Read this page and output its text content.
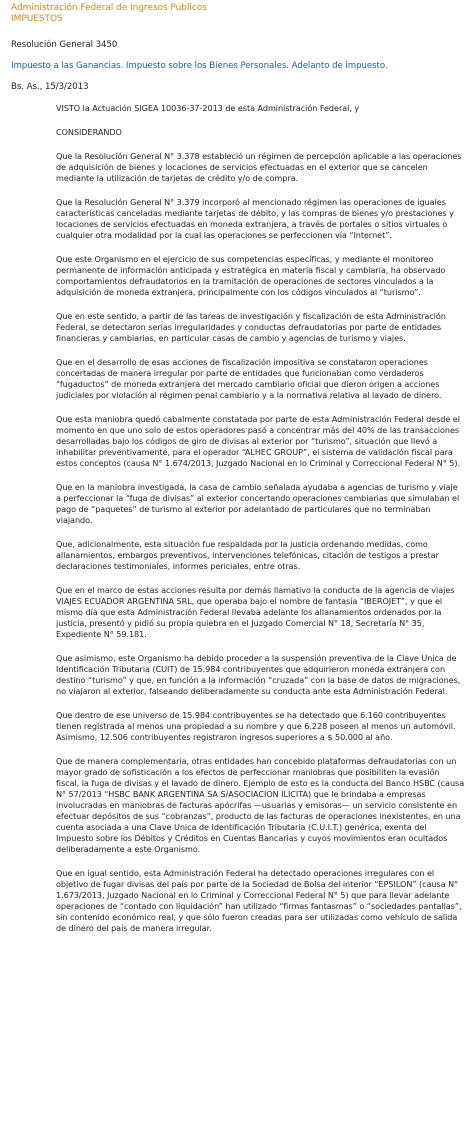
Administración Federal de Ingresos Públicos
IMPUESTOS
Resolución General 3450
Impuesto a las Ganancias. Impuesto sobre los Bienes Personales. Adelanto de impuesto.
Bs. As., 15/3/2013

VISTO la Actuación SIGEA 10036-37-2013 de esta Administración Federal, y

CONSIDERANDO

Que la Resolución General N° 3.378 estableció un régimen de percepción aplicable a las operaciones de adquisición de bienes y locaciones de servicios efectuadas en el exterior que se cancelen mediante la utilización de tarjetas de crédito y/o de compra.

Que la Resolución General N° 3.379 incorporó al mencionado régimen las operaciones de iguales características canceladas mediante tarjetas de débito, y las compras de bienes y/o prestaciones y locaciones de servicios efectuadas en moneda extranjera, a través de portales o sitios virtuales o cualquier otra modalidad por la cual las operaciones se perfeccionen vía “Internet”.

Que este Organismo en el ejercicio de sus competencias específicas, y mediante el monitoreo permanente de información anticipada y estratégica en materia fiscal y cambiaria, ha observado comportamientos defraudatorios en la tramitación de operaciones de sectores vinculados a la adquisición de moneda extranjera, principalmente con los códigos vinculados al “turismo”.

Que en este sentido, a partir de las tareas de investigación y fiscalización de esta Administración Federal, se detectaron serias irregularidades y conductas defraudatorias por parte de entidades financieras y cambiarias, en particular casas de cambio y agencias de turismo y viajes.

Que en el desarrollo de esas acciones de fiscalización impositiva se constataron operaciones concertadas de manera irregular por parte de entidades que funcionaban como verdaderos “fugaductos” de moneda extranjera del mercado cambiario oficial que dieron origen a acciones judiciales por violación al régimen penal cambiario y a la normativa relativa al lavado de dinero.

Que esta maniobra quedó cabalmente constatada por parte de esta Administración Federal desde el momento en que uno solo de estos operadores pasó a concentrar más del 40% de las transacciones desarrolladas bajo los códigos de giro de divisas al exterior por “turismo”, situación que llevó a inhabilitar preventivamente, para el operador “ALHEC GROUP”, el sistema de validación fiscal para estos conceptos (causa N° 1.674/2013, Juzgado Nacional en lo Criminal y Correccional Federal N° 5).

Que en la maniobra investigada, la casa de cambio señalada ayudaba a agencias de turismo y viaje a perfeccionar la “fuga de divisas” al exterior concertando operaciones cambiarias que simulaban el pago de “paquetes” de turismo al exterior por adelantado de particulares que no terminaban viajando.

Que, adicionalmente, esta situación fue respaldada por la justicia ordenando medidas, como allanamientos, embargos preventivos, intervenciones telefónicas, citación de testigos a prestar declaraciones testimoniales, informes periciales, entre otras.

Que en el marco de estas acciones resulta por demás llamativo la conducta de la agencia de viajes VIAJES ECUADOR ARGENTINA SRL, que operaba bajo el nombre de fantasía “IBEROJET”, y que el mismo día que esta Administración Federal llevaba adelante los allanamientos ordenados por la justicia, presentó y pidió su propia quiebra en el Juzgado Comercial N° 18, Secretaría N° 35, Expediente N° 59.181.

Que asimismo, este Organismo ha debido proceder a la suspensión preventiva de la Clave Unica de Identificación Tributaria (CUIT) de 15.984 contribuyentes que adquirieron moneda extranjera con destino “turismo” y que, en función a la información “cruzada” con la base de datos de migraciones, no viajaron al exterior, falseando deliberadamente su conducta ante esta Administración Federal.

Que dentro de ese universo de 15.984 contribuyentes se ha detectado que 6.160 contribuyentes tienen registrada al menos una propiedad a su nombre y que 6.228 poseen al menos un automóvil. Asimismo, 12.506 contribuyentes registraron ingresos superiores a $ 50.000 al año.

Que de manera complementaria, otras entidades han concebido plataformas defraudatorias con un mayor grado de sofisticación a los efectos de perfeccionar maniobras que posibiliten la evasión fiscal, la fuga de divisas y el lavado de dinero. Ejemplo de esto es la conducta del Banco HSBC (causa N° 57/2013 “HSBC BANK ARGENTINA SA S/ASOCIACION ILICITA) que le brindaba a empresas involucradas en maniobras de facturas apócrifas —usuarias y emisoras— un servicio consistente en efectuar depósitos de sus “cobranzas”, producto de las facturas de operaciones inexistentes, en una cuenta asociada a una Clave Unica de Identificación Tributaria (C.U.I.T.) genérica, exenta del Impuesto sobre los Débitos y Créditos en Cuentas Bancarias y cuyos movimientos eran ocultados deliberadamente a este Organismo.

Que en igual sentido, esta Administración Federal ha detectado operaciones irregulares con el objetivo de fugar divisas del país por parte de la Sociedad de Bolsa del interior “EPSILON” (causa N° 1.673/2013, Juzgado Nacional en lo Criminal y Correccional Federal N° 5) que para llevar adelante operaciones de “contado con liquidación” han utilizado “firmas fantasmas” o “sociedades pantallas”, sin contenido económico real, y que sólo fueron creadas para ser utilizadas como vehículo de salida de dinero del país de manera irregular.
